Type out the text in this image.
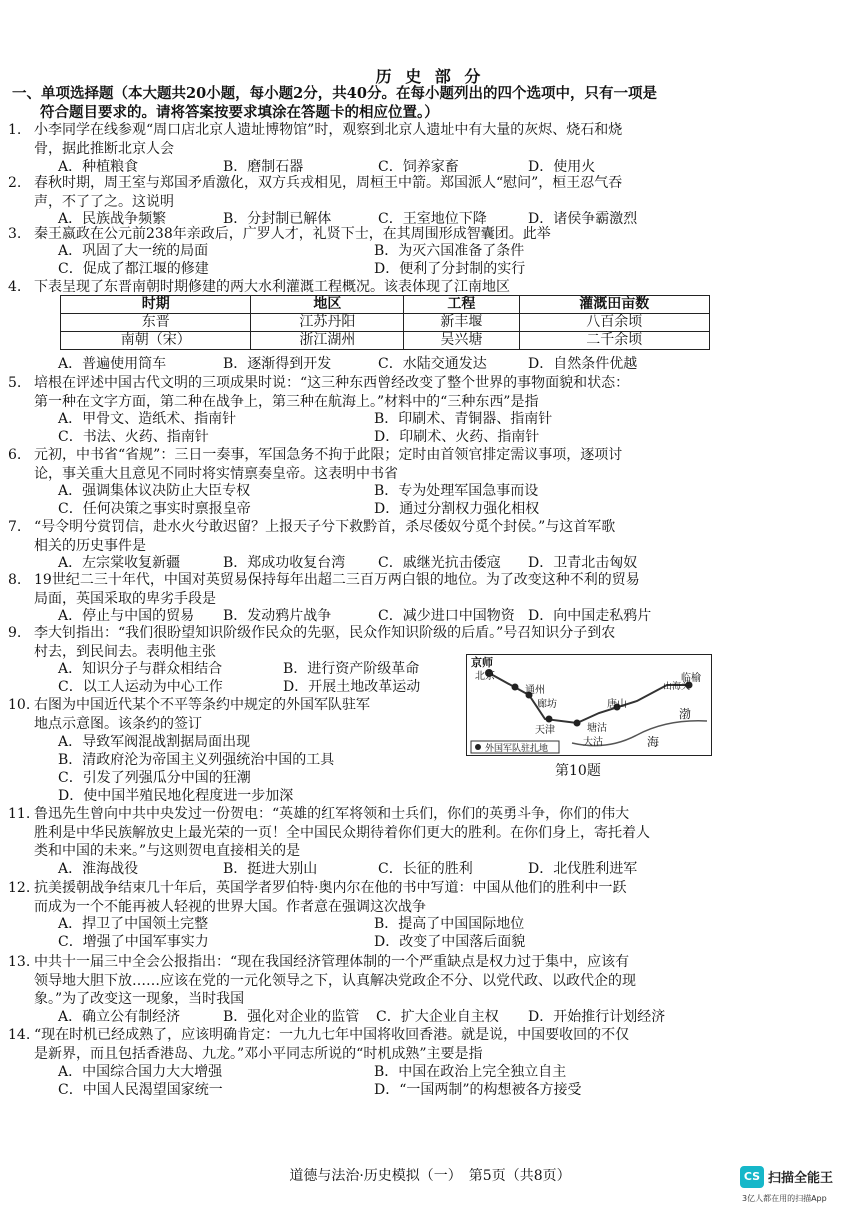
历 史 部 分
一、单项选择题（本大题共20小题，每小题2分，共40分。在每小题列出的四个选项中，只有一项是
符合题目要求的。请将答案按要求填涂在答题卡的相应位置。）
1. 小李同学在线参观“周口店北京人遗址博物馆”时，观察到北京人遗址中有大量的灰烬、烧石和烧
骨，据此推断北京人会
A．种植粮食	B．磨制石器	C．饲养家畜	D．使用火
2. 春秋时期，周王室与郑国矛盾激化，双方兵戎相见，周桓王中箭。郑国派人“慰问”，桓王忍气吞
声，不了了之。这说明
A．民族战争频繁	B．分封制已解体	C．王室地位下降	D．诸侯争霸激烈
3. 秦王嬴政在公元前238年亲政后，广罗人才，礼贤下士，在其周围形成智囊团。此举
A．巩固了大一统的局面	B．为灭六国准备了条件
C．促成了都江堰的修建	D．便利了分封制的实行
4. 下表呈现了东晋南朝时期修建的两大水利灌溉工程概况。该表体现了江南地区
时期	地区	工程	灌溉田亩数
东晋	江苏丹阳	新丰堰	八百余顷
南朝（宋）	浙江湖州	吴兴塘	二千余顷
A．普遍使用筒车	B．逐渐得到开发	C．水陆交通发达	D．自然条件优越
5. 培根在评述中国古代文明的三项成果时说：“这三种东西曾经改变了整个世界的事物面貌和状态：
第一种在文字方面，第二种在战争上，第三种在航海上。”材料中的“三种东西”是指
A．甲骨文、造纸术、指南针	B．印刷术、青铜器、指南针
C．书法、火药、指南针	D．印刷术、火药、指南针
6. 元初，中书省“省规”：三日一奏事，军国急务不拘于此限；定时由首领官排定需议事项，逐项讨
论，事关重大且意见不同时将实情禀奏皇帝。这表明中书省
A．强调集体议决防止大臣专权	B．专为处理军国急事而设
C．任何决策之事实时禀报皇帝	D．通过分割权力强化相权
7. “号令明兮赏罚信，赴水火兮敢迟留？上报天子兮下救黔首，杀尽倭奴兮觅个封侯。”与这首军歌
相关的历史事件是
A．左宗棠收复新疆	B．郑成功收复台湾 C．戚继光抗击倭寇 D．卫青北击匈奴
8. 19世纪二三十年代，中国对英贸易保持每年出超二三百万两白银的地位。为了改变这种不利的贸易
局面，英国采取的卑劣手段是
A．停止与中国的贸易 B．发动鸦片战争	C．减少进口中国物资 D．向中国走私鸦片
9. 李大钊指出：“我们很盼望知识阶级作民众的先驱，民众作知识阶级的后盾。”号召知识分子到农
村去，到民间去。表明他主张
A．知识分子与群众相结合	B．进行资产阶级革命
C．以工人运动为中心工作	D．开展土地改革运动
10. 右图为中国近代某个不平等条约中规定的外国军队驻军
地点示意图。该条约的签订
A．导致军阀混战割据局面出现
B．清政府沦为帝国主义列强统治中国的工具
C．引发了列强瓜分中国的狂潮
D．使中国半殖民地化程度进一步加深
京师
北京
通州
廊坊
天津	塘沽
大沽
唐山
临榆
山海关
渤
海
外国军队驻扎地
第10题
11. 鲁迅先生曾向中共中央发过一份贺电：“英雄的红军将领和士兵们，你们的英勇斗争，你们的伟大
胜利是中华民族解放史上最光荣的一页！全中国民众期待着你们更大的胜利。在你们身上，寄托着人
类和中国的未来。”与这则贺电直接相关的是
A．淮海战役	B．挺进大别山	C．长征的胜利	D．北伐胜利进军
12. 抗美援朝战争结束几十年后，英国学者罗伯特·奥内尔在他的书中写道：中国从他们的胜利中一跃
而成为一个不能再被人轻视的世界大国。作者意在强调这次战争
A．捍卫了中国领土完整	B．提高了中国国际地位
C．增强了中国军事实力	D．改变了中国落后面貌
13. 中共十一届三中全会公报指出：“现在我国经济管理体制的一个严重缺点是权力过于集中，应该有
领导地大胆下放……应该在党的一元化领导之下，认真解决党政企不分、以党代政、以政代企的现
象。”为了改变这一现象，当时我国
A．确立公有制经济	B．强化对企业的监管 C．扩大企业自主权 D．开始推行计划经济
14. “现在时机已经成熟了，应该明确肯定：一九九七年中国将收回香港。就是说，中国要收回的不仅
是新界，而且包括香港岛、九龙。”邓小平同志所说的“时机成熟”主要是指
A．中国综合国力大大增强	B．中国在政治上完全独立自主
C．中国人民渴望国家统一	D．“一国两制”的构想被各方接受
道德与法治·历史模拟（一）　第5页（共8页）	CS 扫描全能王
3亿人都在用的扫描App
